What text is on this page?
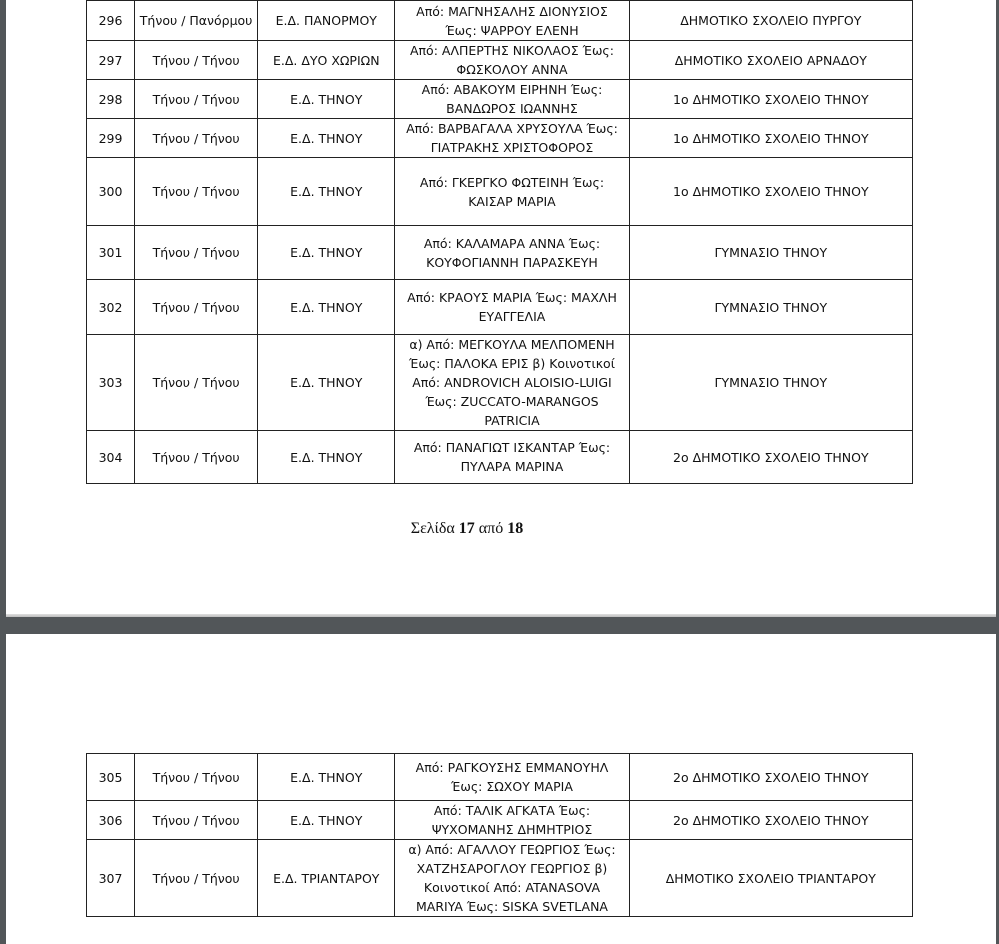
296	Τήνου / Πανόρμου	Ε.Δ. ΠΑΝΟΡΜΟΥ	Από: ΜΑΓΝΗΣΑΛΗΣ ΔΙΟΝΥΣΙΟΣ Έως: ΨΑΡΡΟΥ ΕΛΕΝΗ	ΔΗΜΟΤΙΚΟ ΣΧΟΛΕΙΟ ΠΥΡΓΟΥ
297	Τήνου / Τήνου	Ε.Δ. ΔΥΟ ΧΩΡΙΩΝ	Από: ΑΛΠΕΡΤΗΣ ΝΙΚΟΛΑΟΣ Έως: ΦΩΣΚΟΛΟΥ ΑΝΝΑ	ΔΗΜΟΤΙΚΟ ΣΧΟΛΕΙΟ ΑΡΝΑΔΟΥ
298	Τήνου / Τήνου	Ε.Δ. ΤΗΝΟΥ	Από: ΑΒΑΚΟΥΜ ΕΙΡΗΝΗ Έως: ΒΑΝΔΩΡΟΣ ΙΩΑΝΝΗΣ	1ο ΔΗΜΟΤΙΚΟ ΣΧΟΛΕΙΟ ΤΗΝΟΥ
299	Τήνου / Τήνου	Ε.Δ. ΤΗΝΟΥ	Από: ΒΑΡΒΑΓΑΛΑ ΧΡΥΣΟΥΛΑ Έως: ΓΙΑΤΡΑΚΗΣ ΧΡΙΣΤΟΦΟΡΟΣ	1ο ΔΗΜΟΤΙΚΟ ΣΧΟΛΕΙΟ ΤΗΝΟΥ
300	Τήνου / Τήνου	Ε.Δ. ΤΗΝΟΥ	Από: ΓΚΕΡΓΚΟ ΦΩΤΕΙΝΗ Έως: ΚΑΙΣΑΡ ΜΑΡΙΑ	1ο ΔΗΜΟΤΙΚΟ ΣΧΟΛΕΙΟ ΤΗΝΟΥ
301	Τήνου / Τήνου	Ε.Δ. ΤΗΝΟΥ	Από: ΚΑΛΑΜΑΡΑ ΑΝΝΑ Έως: ΚΟΥΦΟΓΙΑΝΝΗ ΠΑΡΑΣΚΕΥΗ	ΓΥΜΝΑΣΙΟ ΤΗΝΟΥ
302	Τήνου / Τήνου	Ε.Δ. ΤΗΝΟΥ	Από: ΚΡΑΟΥΣ ΜΑΡΙΑ Έως: ΜΑΧΛΗ ΕΥΑΓΓΕΛΙΑ	ΓΥΜΝΑΣΙΟ ΤΗΝΟΥ
303	Τήνου / Τήνου	Ε.Δ. ΤΗΝΟΥ	α) Από: ΜΕΓΚΟΥΛΑ ΜΕΛΠΟΜΕΝΗ Έως: ΠΑΛΟΚΑ ΕΡΙΣ β) Κοινοτικοί Από: ANDROVICH ALOISIO-LUIGI Έως: ZUCCATO-MARANGOS PATRICIA	ΓΥΜΝΑΣΙΟ ΤΗΝΟΥ
304	Τήνου / Τήνου	Ε.Δ. ΤΗΝΟΥ	Από: ΠΑΝΑΓΙΩΤ ΙΣΚΑΝΤΑΡ Έως: ΠΥΛΑΡΑ ΜΑΡΙΝΑ	2ο ΔΗΜΟΤΙΚΟ ΣΧΟΛΕΙΟ ΤΗΝΟΥ
Σελίδα 17 από 18
305	Τήνου / Τήνου	Ε.Δ. ΤΗΝΟΥ	Από: ΡΑΓΚΟΥΣΗΣ ΕΜΜΑΝΟΥΗΛ Έως: ΣΩΧΟΥ ΜΑΡΙΑ	2ο ΔΗΜΟΤΙΚΟ ΣΧΟΛΕΙΟ ΤΗΝΟΥ
306	Τήνου / Τήνου	Ε.Δ. ΤΗΝΟΥ	Από: ΤΑΛΙΚ ΑΓΚΑΤΑ Έως: ΨΥΧΟΜΑΝΗΣ ΔΗΜΗΤΡΙΟΣ	2ο ΔΗΜΟΤΙΚΟ ΣΧΟΛΕΙΟ ΤΗΝΟΥ
307	Τήνου / Τήνου	Ε.Δ. ΤΡΙΑΝΤΑΡΟΥ	α) Από: ΑΓΑΛΛΟΥ ΓΕΩΡΓΙΟΣ Έως: ΧΑΤΖΗΣΑΡΟΓΛΟΥ ΓΕΩΡΓΙΟΣ β) Κοινοτικοί Από: ATANASOVA MARIYA Έως: SISKA SVETLANA	ΔΗΜΟΤΙΚΟ ΣΧΟΛΕΙΟ ΤΡΙΑΝΤΑΡΟΥ
